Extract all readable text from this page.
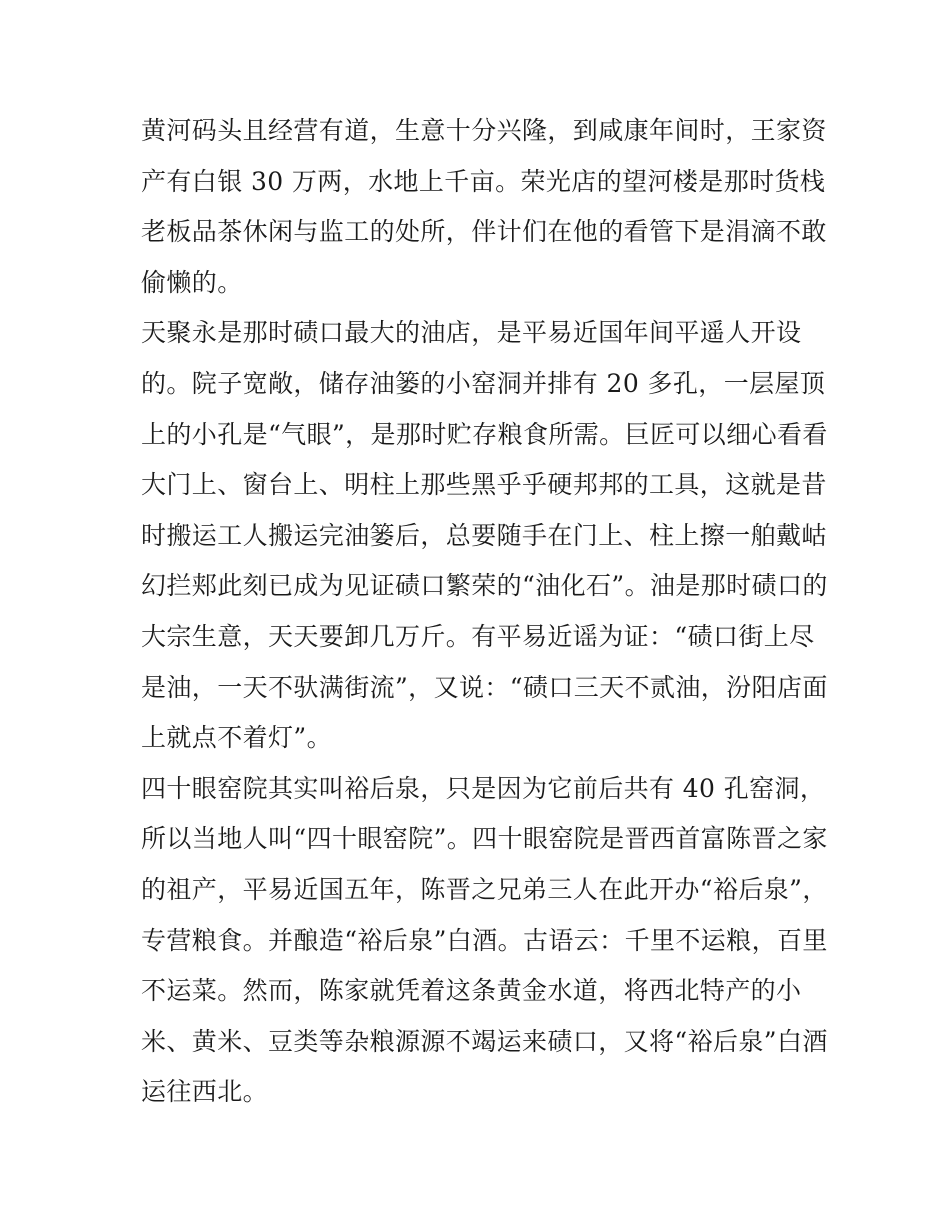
黄河码头且经营有道，生意十分兴隆，到咸康年间时，王家资
产有白银 30 万两，水地上千亩。荣光店的望河楼是那时货栈
老板品茶休闲与监工的处所，伴计们在他的看管下是涓滴不敢
偷懒的。
天聚永是那时碛口最大的油店，是平易近国年间平遥人开设
的。院子宽敞，储存油篓的小窑洞并排有 20 多孔，一层屋顶
上的小孔是“气眼”，是那时贮存粮食所需。巨匠可以细心看看
大门上、窗台上、明柱上那些黑乎乎硬邦邦的工具，这就是昔
时搬运工人搬运完油篓后，总要随手在门上、柱上擦一舶戴岵
幻拦郏此刻已成为见证碛口繁荣的“油化石”。油是那时碛口的
大宗生意，天天要卸几万斤。有平易近谣为证：“碛口街上尽
是油，一天不驮满街流”，又说：“碛口三天不贰油，汾阳店面
上就点不着灯”。
四十眼窑院其实叫裕后泉，只是因为它前后共有 40 孔窑洞，
所以当地人叫“四十眼窑院”。四十眼窑院是晋西首富陈晋之家
的祖产，平易近国五年，陈晋之兄弟三人在此开办“裕后泉”，
专营粮食。并酿造“裕后泉”白酒。古语云：千里不运粮，百里
不运菜。然而，陈家就凭着这条黄金水道，将西北特产的小
米、黄米、豆类等杂粮源源不竭运来碛口，又将“裕后泉”白酒
运往西北。
